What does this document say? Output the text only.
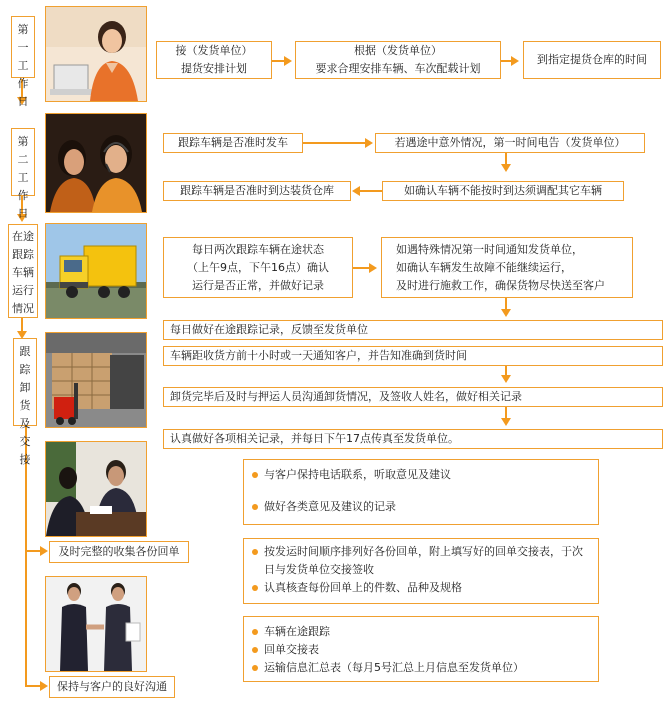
第一工作日
第二工作日
在途跟踪车辆运行情况
跟踪卸货及交接
及时完整的收集各份回单
保持与客户的良好沟通
接（发货单位）
提货安排计划
根据（发货单位）
要求合理安排车辆、车次配载计划
到指定提货仓库的时间
跟踪车辆是否准时发车	若遇途中意外情况，第一时间电告（发货单位）
如确认车辆不能按时到达须调配其它车辆
跟踪车辆是否准时到达装货仓库
每日两次跟踪车辆在途状态
（上午9点，下午16点）确认
运行是否正常，并做好记录
如遇特殊情况第一时间通知发货单位，
如确认车辆发生故障不能继续运行，
及时进行施救工作，确保货物尽快送至客户
每日做好在途跟踪记录，反馈至发货单位
车辆距收货方前十小时或一天通知客户，并告知准确到货时间
卸货完毕后及时与押运人员沟通卸货情况，及签收人姓名，做好相关记录
认真做好各项相关记录，并每日下午17点传真至发货单位。
与客户保持电话联系，听取意见及建议
做好各类意见及建议的记录
按发运时间顺序排列好各份回单，附上填写好的回单交接表，于次日与发货单位交接签收
认真核查每份回单上的件数、品种及规格
车辆在途跟踪
回单交接表
运输信息汇总表（每月5号汇总上月信息至发货单位）
